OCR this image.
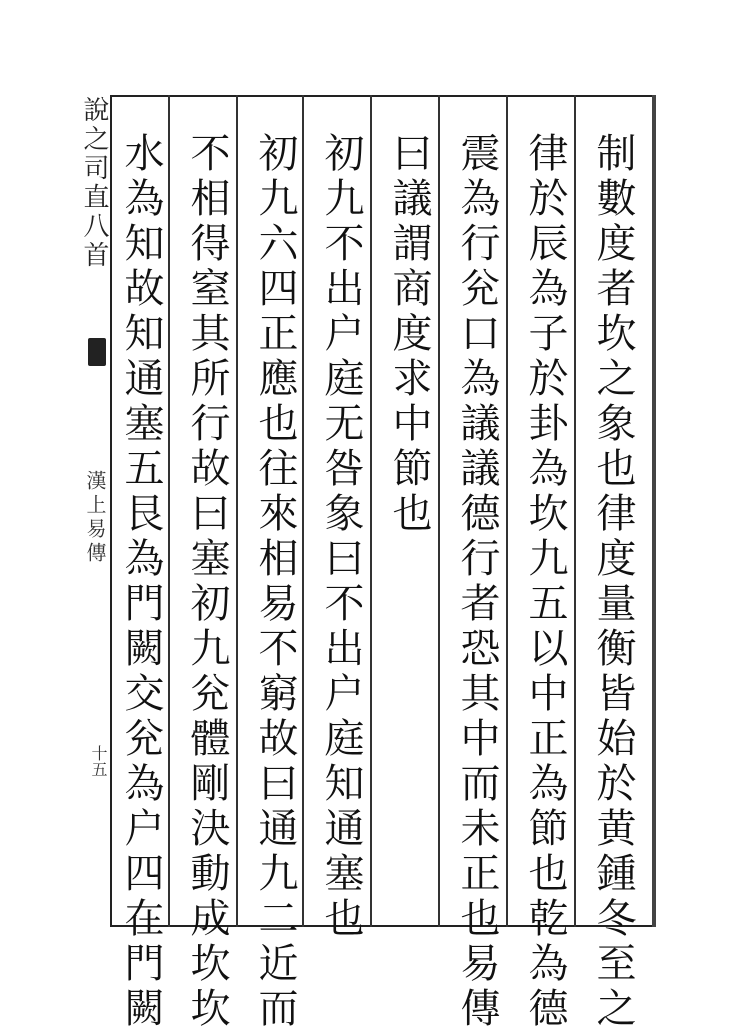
說之司直八首
漢上易傳
十五	制數度者坎之象也律度量衡皆始於黄鍾冬至之
律於辰為子於卦為坎九五以中正為節也乾為德
震為行兊口為議議德行者恐其中而未正也易傳
曰議謂商度求中節也
初九不出户庭无咎象曰不出户庭知通塞也
初九六四正應也往來相易不窮故曰通九二近而
不相得窒其所行故曰塞初九兊體剛決動成坎坎
水為知故知通塞五艮為門闕交兊為户四在門闕
